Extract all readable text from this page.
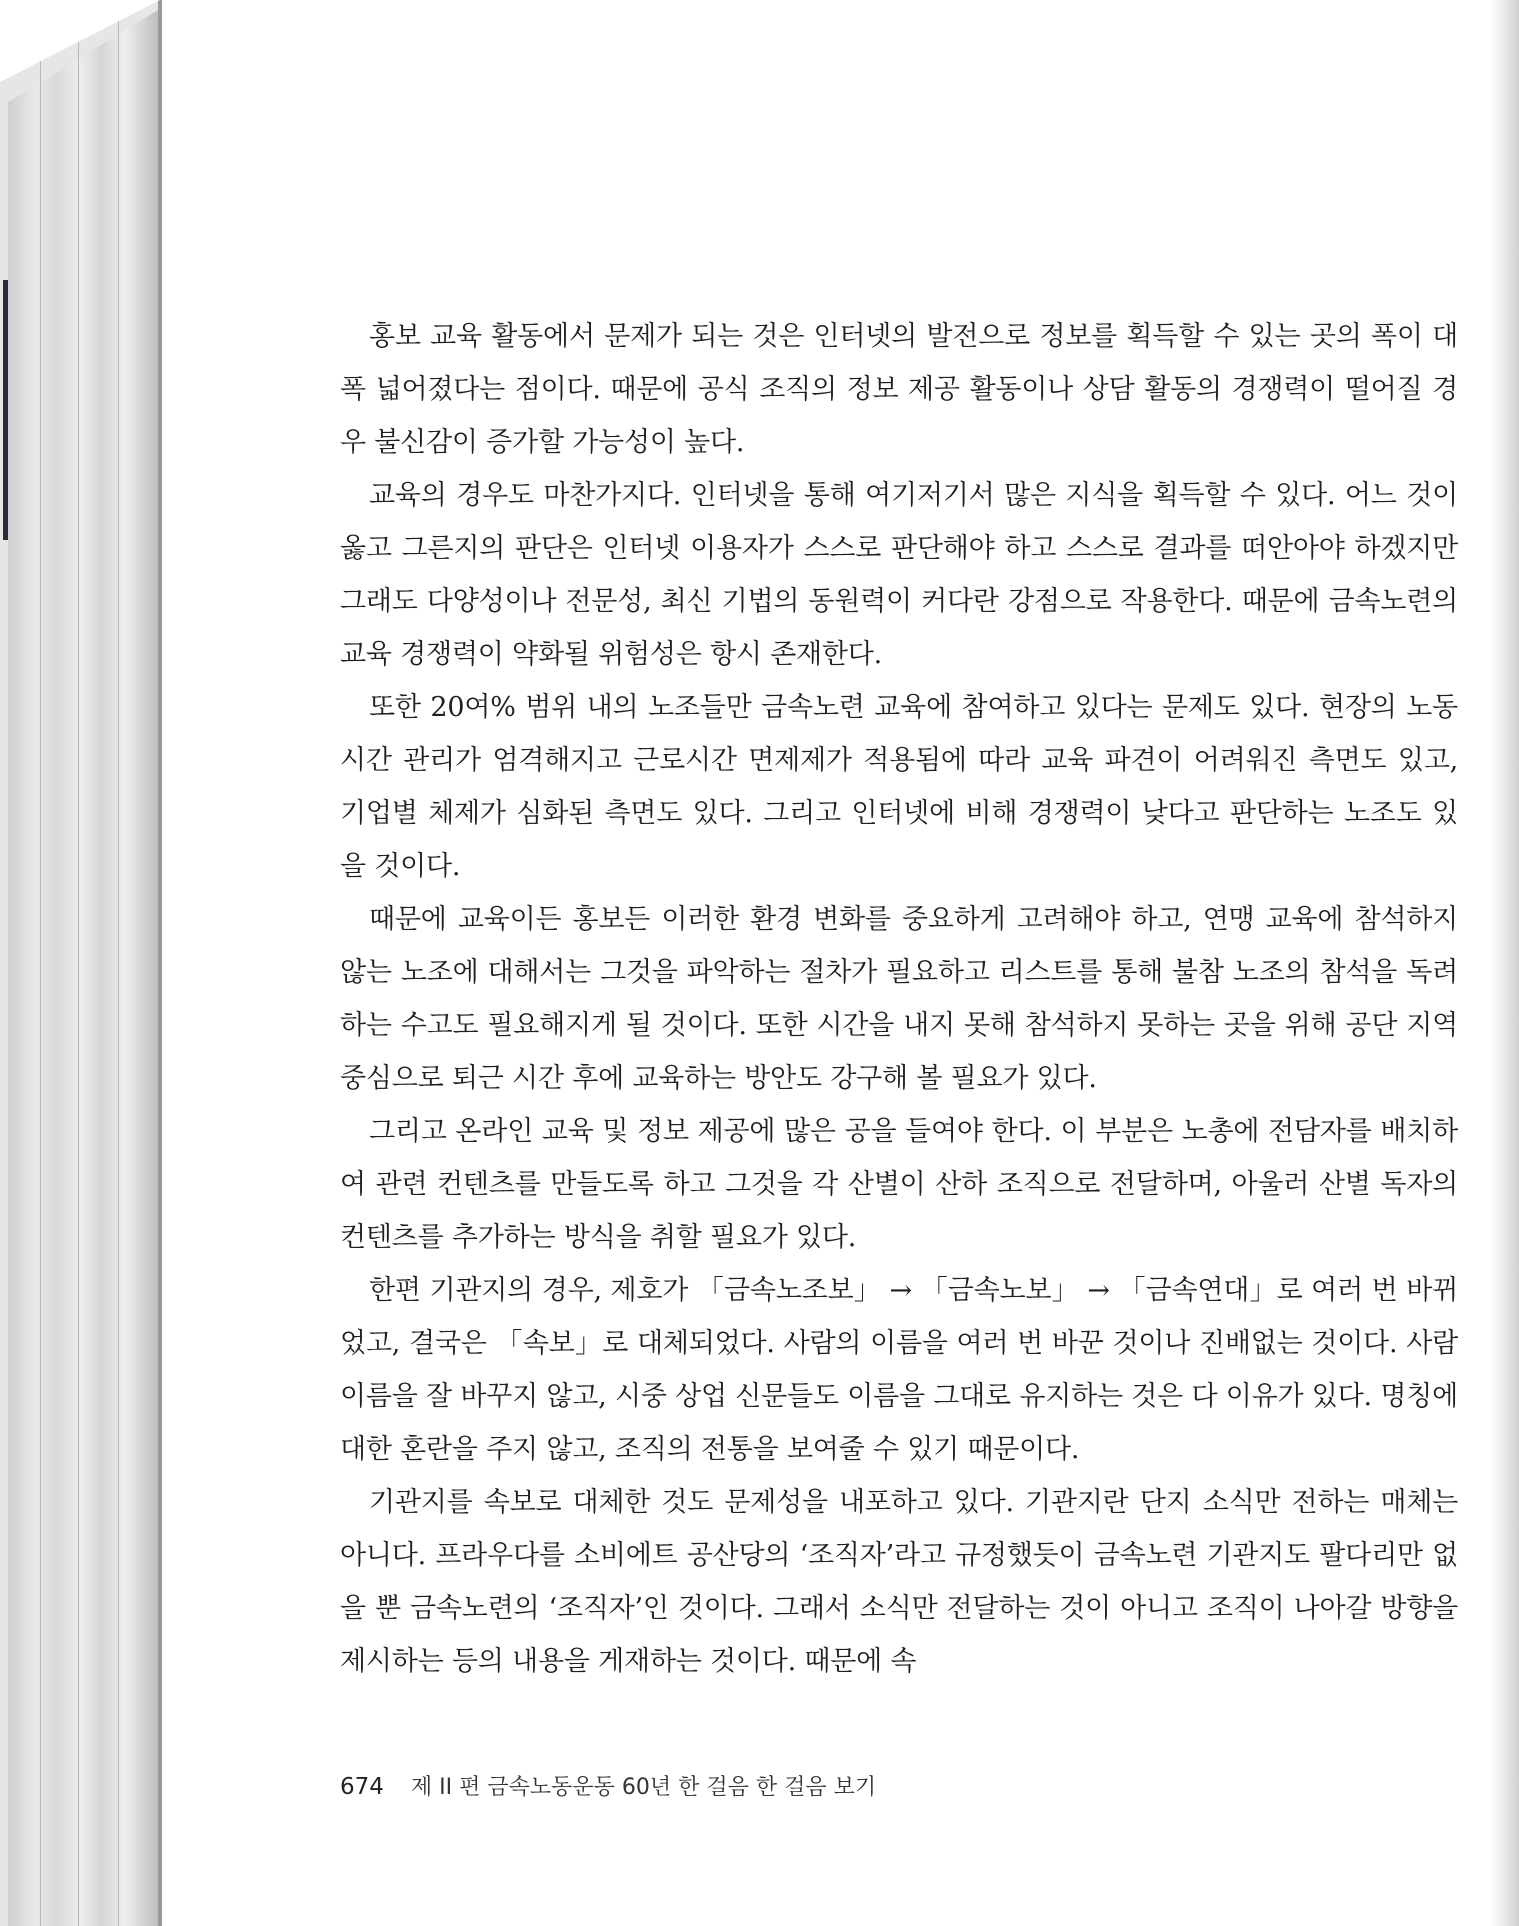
홍보 교육 활동에서 문제가 되는 것은 인터넷의 발전으로 정보를 획득할 수 있는 곳의 폭이 대폭 넓어졌다는 점이다. 때문에 공식 조직의 정보 제공 활동이나 상담 활동의 경쟁력이 떨어질 경우 불신감이 증가할 가능성이 높다.

교육의 경우도 마찬가지다. 인터넷을 통해 여기저기서 많은 지식을 획득할 수 있다. 어느 것이 옳고 그른지의 판단은 인터넷 이용자가 스스로 판단해야 하고 스스로 결과를 떠안아야 하겠지만 그래도 다양성이나 전문성, 최신 기법의 동원력이 커다란 강점으로 작용한다. 때문에 금속노련의 교육 경쟁력이 약화될 위험성은 항시 존재한다.

또한 20여% 범위 내의 노조들만 금속노련 교육에 참여하고 있다는 문제도 있다. 현장의 노동시간 관리가 엄격해지고 근로시간 면제제가 적용됨에 따라 교육 파견이 어려워진 측면도 있고, 기업별 체제가 심화된 측면도 있다. 그리고 인터넷에 비해 경쟁력이 낮다고 판단하는 노조도 있을 것이다.

때문에 교육이든 홍보든 이러한 환경 변화를 중요하게 고려해야 하고, 연맹 교육에 참석하지 않는 노조에 대해서는 그것을 파악하는 절차가 필요하고 리스트를 통해 불참 노조의 참석을 독려하는 수고도 필요해지게 될 것이다. 또한 시간을 내지 못해 참석하지 못하는 곳을 위해 공단 지역 중심으로 퇴근 시간 후에 교육하는 방안도 강구해 볼 필요가 있다.

그리고 온라인 교육 및 정보 제공에 많은 공을 들여야 한다. 이 부분은 노총에 전담자를 배치하여 관련 컨텐츠를 만들도록 하고 그것을 각 산별이 산하 조직으로 전달하며, 아울러 산별 독자의 컨텐츠를 추가하는 방식을 취할 필요가 있다.

한편 기관지의 경우, 제호가 「금속노조보」 → 「금속노보」 → 「금속연대」로 여러 번 바뀌었고, 결국은 「속보」로 대체되었다. 사람의 이름을 여러 번 바꾼 것이나 진배없는 것이다. 사람 이름을 잘 바꾸지 않고, 시중 상업 신문들도 이름을 그대로 유지하는 것은 다 이유가 있다. 명칭에 대한 혼란을 주지 않고, 조직의 전통을 보여줄 수 있기 때문이다.

기관지를 속보로 대체한 것도 문제성을 내포하고 있다. 기관지란 단지 소식만 전하는 매체는 아니다. 프라우다를 소비에트 공산당의 ‘조직자’라고 규정했듯이 금속노련 기관지도 팔다리만 없을 뿐 금속노련의 ‘조직자’인 것이다. 그래서 소식만 전달하는 것이 아니고 조직이 나아갈 방향을 제시하는 등의 내용을 게재하는 것이다. 때문에 속

674 제 II 편 금속노동운동 60년 한 걸음 한 걸음 보기
